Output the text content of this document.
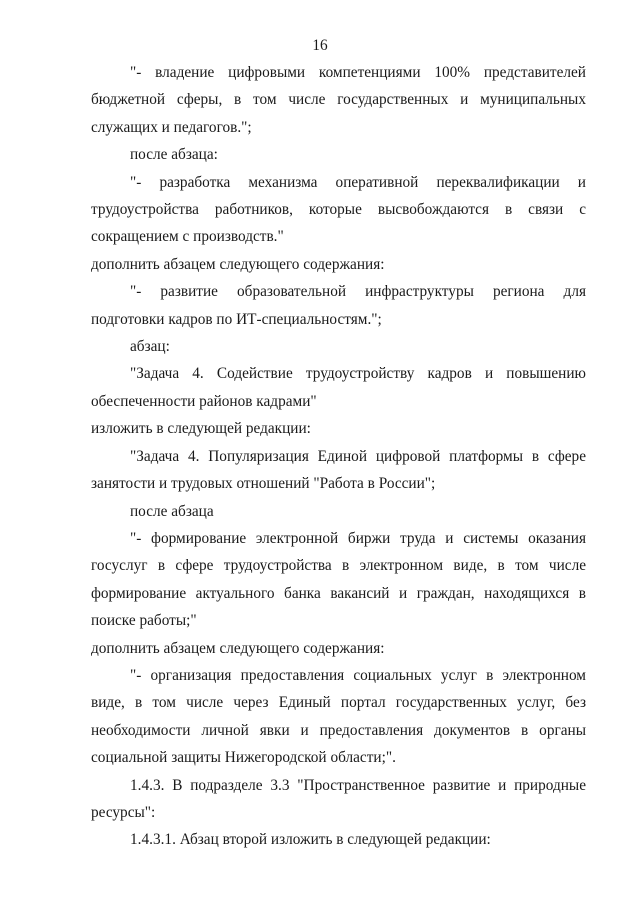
16

"- владение цифровыми компетенциями 100% представителей бюджетной сферы, в том числе государственных и муниципальных служащих и педагогов.";

после абзаца:

"- разработка механизма оперативной переквалификации и трудоустройства работников, которые высвобождаются в связи с сокращением с производств."

дополнить абзацем следующего содержания:

"- развитие образовательной инфраструктуры региона для подготовки кадров по ИТ-специальностям.";

абзац:

"Задача 4. Содействие трудоустройству кадров и повышению обеспеченности районов кадрами"

изложить в следующей редакции:

"Задача 4. Популяризация Единой цифровой платформы в сфере занятости и трудовых отношений "Работа в России";

после абзаца

"- формирование электронной биржи труда и системы оказания госуслуг в сфере трудоустройства в электронном виде, в том числе формирование актуального банка вакансий и граждан, находящихся в поиске работы;"

дополнить абзацем следующего содержания:

"- организация предоставления социальных услуг в электронном виде, в том числе через Единый портал государственных услуг, без необходимости личной явки и предоставления документов в органы социальной защиты Нижегородской области;".

1.4.3. В подразделе 3.3 "Пространственное развитие и природные ресурсы":

1.4.3.1. Абзац второй изложить в следующей редакции:
